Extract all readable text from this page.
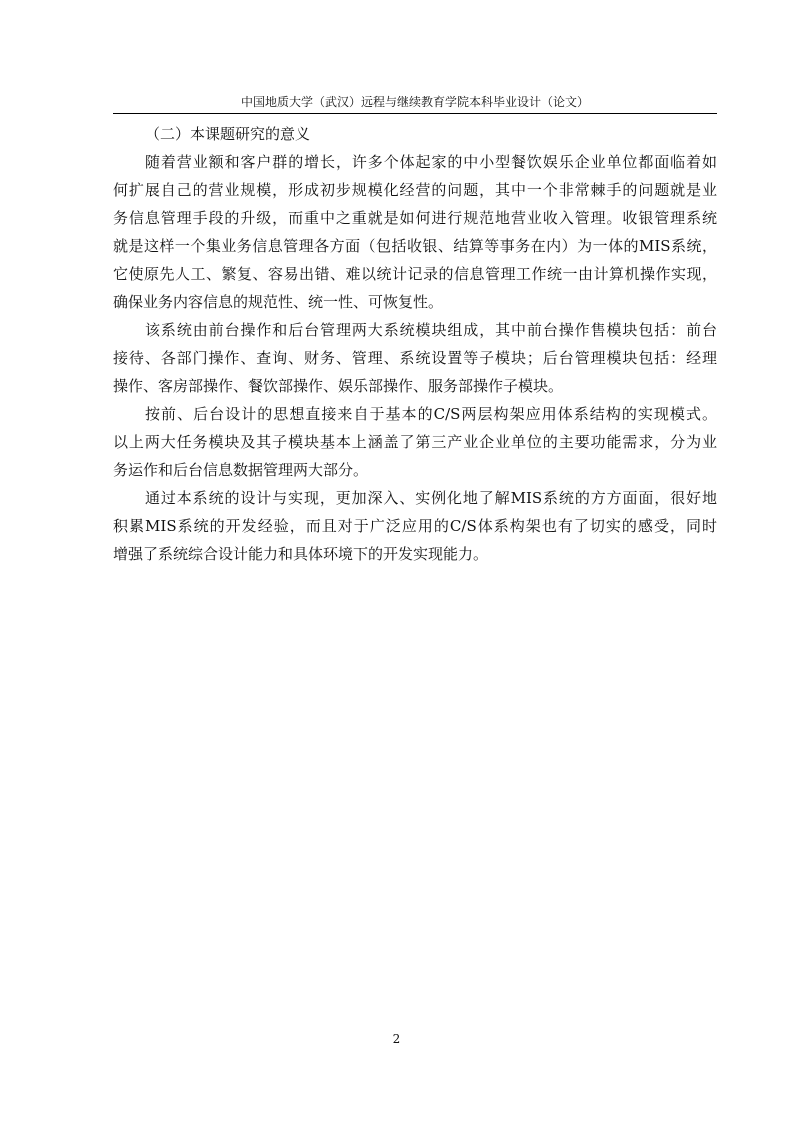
中国地质大学（武汉）远程与继续教育学院本科毕业设计（论文）

（二）本课题研究的意义

随着营业额和客户群的增长，许多个体起家的中小型餐饮娱乐企业单位都面临着如
何扩展自己的营业规模，形成初步规模化经营的问题，其中一个非常棘手的问题就是业
务信息管理手段的升级，而重中之重就是如何进行规范地营业收入管理。收银管理系统
就是这样一个集业务信息管理各方面（包括收银、结算等事务在内）为一体的MIS系统，
它使原先人工、繁复、容易出错、难以统计记录的信息管理工作统一由计算机操作实现，
确保业务内容信息的规范性、统一性、可恢复性。
该系统由前台操作和后台管理两大系统模块组成，其中前台操作售模块包括：前台
接待、各部门操作、查询、财务、管理、系统设置等子模块；后台管理模块包括：经理
操作、客房部操作、餐饮部操作、娱乐部操作、服务部操作子模块。
按前、后台设计的思想直接来自于基本的C/S两层构架应用体系结构的实现模式。
以上两大任务模块及其子模块基本上涵盖了第三产业企业单位的主要功能需求，分为业
务运作和后台信息数据管理两大部分。
通过本系统的设计与实现，更加深入、实例化地了解MIS系统的方方面面，很好地
积累MIS系统的开发经验，而且对于广泛应用的C/S体系构架也有了切实的感受，同时
增强了系统综合设计能力和具体环境下的开发实现能力。
2
